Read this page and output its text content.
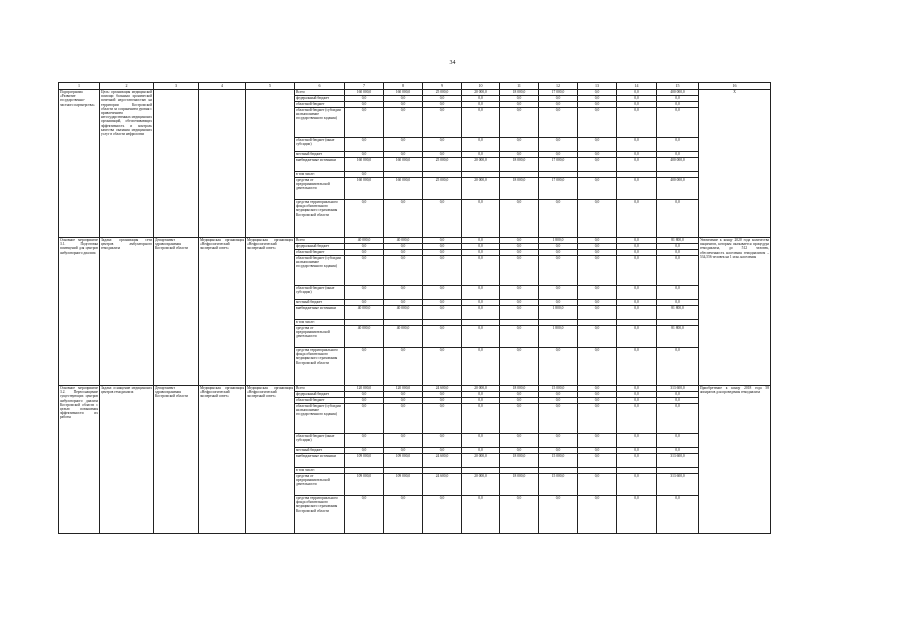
34
1	2	3	4	5	6	7	8	9	10	11	12	13	14	15	16
Подпрограмма «Развитие государственно-частного партнерства»	Цель: организация медицинской помощи больным хронической почечной недостаточностью на территории Костромской области за сохранением уровня с привлечением негосударственных медицинских организаций, обеспечивающих эффективность и контроль качества оказания медицинских услуг в области нефрологии				Всего	160 000,0	160 000,0	25 000,0	20 000,0	18 000,0	17 000,0	0,0	0,0	400 000,0	Х
					федеральный бюджет	0,0	0,0	0,0	0,0	0,0	0,0	0,0	0,0	0,0	
					областной бюджет	0,0	0,0	0,0	0,0	0,0	0,0	0,0	0,0	0,0	
					областной бюджет (субсидии на выполнение государственного задания)	0,0	0,0	0,0	0,0	0,0	0,0	0,0	0,0	0,0	
					областной бюджет (иные субсидии)	0,0	0,0	0,0	0,0	0,0	0,0	0,0	0,0	0,0	
					местный бюджет	0,0	0,0	0,0	0,0	0,0	0,0	0,0	0,0	0,0	
					внебюджетные источники	160 000,0	160 000,0	25 000,0	20 000,0	18 000,0	17 000,0	0,0	0,0	400 000,0	
					в том числе:	0,0									
					средства от предпринимательской деятельности	160 000,0	160 000,0	25 000,0	20 000,0	18 000,0	17 000,0	0,0	0,0	400 000,0	
					средства территориального фонда обязательного медицинского страхования Костромской области	0,0	0,0	0,0	0,0	0,0	0,0	0,0	0,0	0,0	
Основное мероприятие 3.1. Подготовка помещений для центров амбулаторного диализа	Задача: организация сети центров амбулаторного гемодиализа	Департамент здравоохранения Костромской области	Медицинская организация «Нефрологический экспертный совет»	Медицинская организация «Нефрологический экспертный совет»	Всего	40 000,0	40 000,0	0,0	0,0	0,0	1 800,0	0,0	0,0	81 800,0	Увеличение к концу 2020 года количества пациентов, которым оказывается процедура гемодиализа, до 512 человек, обеспеченность населения гемодиализом – 534,556 человек на 1 млн. населения
					федеральный бюджет	0,0	0,0	0,0	0,0	0,0	0,0	0,0	0,0	0,0	
					областной бюджет	0,0	0,0	0,0	0,0	0,0	0,0	0,0	0,0	0,0	
					областной бюджет (субсидии на выполнение государственного задания)	0,0	0,0	0,0	0,0	0,0	0,0	0,0	0,0	0,0	
					областной бюджет (иные субсидии)	0,0	0,0	0,0	0,0	0,0	0,0	0,0	0,0	0,0	
					местный бюджет	0,0	0,0	0,0	0,0	0,0	0,0	0,0	0,0	0,0	
					внебюджетные источники	40 000,0	40 000,0	0,0	0,0	0,0	1 800,0	0,0	0,0	81 800,0	
					в том числе:										
					средства от предпринимательской деятельности	40 000,0	40 000,0	0,0	0,0	0,0	1 800,0	0,0	0,0	81 800,0	
					средства территориального фонда обязательного медицинского страхования Костромской области	0,0	0,0	0,0	0,0	0,0	0,0	0,0	0,0	0,0	
Основное мероприятие 3.2. Переоснащение существующих центров амбулаторного диализа Костромской области с целью повышения эффективности их работы	Задача: оснащение медицинских центров гемодиализа	Департамент здравоохранения Костромской области	Медицинская организация «Нефрологический экспертный совет»	Медицинская организация «Нефрологический экспертный совет»	Всего	120 000,0	120 000,0	24 600,0	20 000,0	18 000,0	15 000,0	0,0	0,0	313 600,0	Приобретение к концу 2018 года 58 аппаратов для проведения гемодиализа
					федеральный бюджет	0,0	0,0	0,0	0,0	0,0	0,0	0,0	0,0	0,0	
					областной бюджет	0,0	0,0	0,0	0,0	0,0	0,0	0,0	0,0	0,0	
					областной бюджет (субсидии на выполнение государственного задания)	0,0	0,0	0,0	0,0	0,0	0,0	0,0	0,0	0,0	
					областной бюджет (иные субсидии)	0,0	0,0	0,0	0,0	0,0	0,0	0,0	0,0	0,0	
					местный бюджет	0,0	0,0	0,0	0,0	0,0	0,0	0,0	0,0	0,0	
					внебюджетные источники	109 000,0	109 000,0	24 600,0	20 000,0	18 000,0	15 000,0	0,0	0,0	313 600,0	
					в том числе:										
					средства от предпринимательской деятельности	109 000,0	109 000,0	24 600,0	20 000,0	18 000,0	15 000,0	0,0	0,0	313 600,0	
					средства территориального фонда обязательного медицинского страхования Костромской области	0,0	0,0	0,0	0,0	0,0	0,0	0,0	0,0	0,0	
